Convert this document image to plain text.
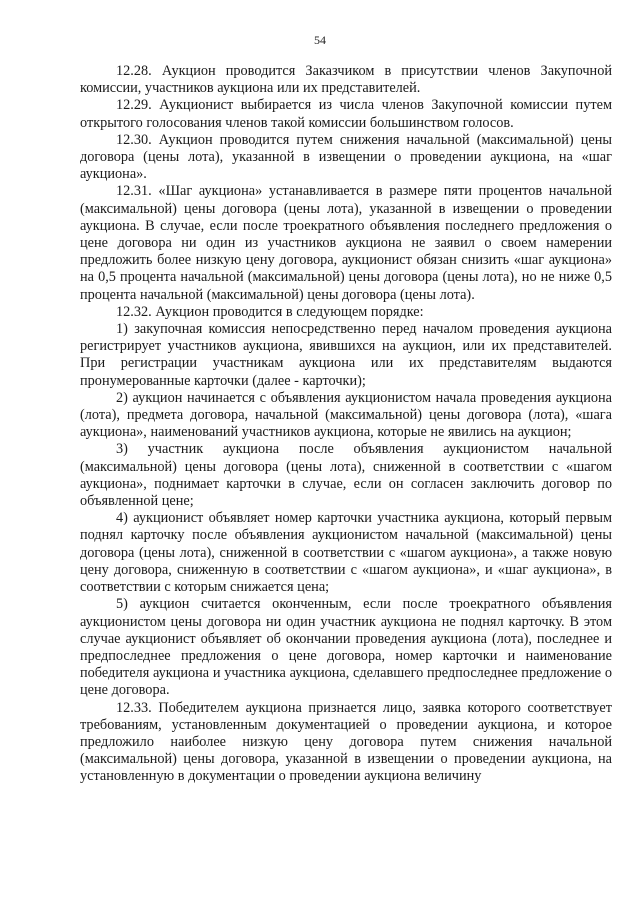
54

12.28. Аукцион проводится Заказчиком в присутствии членов Закупочной комиссии, участников аукциона или их представителей.

12.29. Аукционист выбирается из числа членов Закупочной комиссии путем открытого голосования членов такой комиссии большинством голосов.

12.30. Аукцион проводится путем снижения начальной (максимальной) цены договора (цены лота), указанной в извещении о проведении аукциона, на «шаг аукциона».

12.31. «Шаг аукциона» устанавливается в размере пяти процентов начальной (максимальной) цены договора (цены лота), указанной в извещении о проведении аукциона. В случае, если после троекратного объявления последнего предложения о цене договора ни один из участников аукциона не заявил о своем намерении предложить более низкую цену договора, аукционист обязан снизить «шаг аукциона» на 0,5 процента начальной (максимальной) цены договора (цены лота), но не ниже 0,5 процента начальной (максимальной) цены договора (цены лота).

12.32. Аукцион проводится в следующем порядке:

1) закупочная комиссия непосредственно перед началом проведения аукциона регистрирует участников аукциона, явившихся на аукцион, или их представителей. При регистрации участникам аукциона или их представителям выдаются пронумерованные карточки (далее - карточки);

2) аукцион начинается с объявления аукционистом начала проведения аукциона (лота), предмета договора, начальной (максимальной) цены договора (лота), «шага аукциона», наименований участников аукциона, которые не явились на аукцион;

3) участник аукциона после объявления аукционистом начальной (максимальной) цены договора (цены лота), сниженной в соответствии с «шагом аукциона», поднимает карточки в случае, если он согласен заключить договор по объявленной цене;

4) аукционист объявляет номер карточки участника аукциона, который первым поднял карточку после объявления аукционистом начальной (максимальной) цены договора (цены лота), сниженной в соответствии с «шагом аукциона», а также новую цену договора, сниженную в соответствии с «шагом аукциона», и «шаг аукциона», в соответствии с которым снижается цена;

5) аукцион считается оконченным, если после троекратного объявления аукционистом цены договора ни один участник аукциона не поднял карточку. В этом случае аукционист объявляет об окончании проведения аукциона (лота), последнее и предпоследнее предложения о цене договора, номер карточки и наименование победителя аукциона и участника аукциона, сделавшего предпоследнее предложение о цене договора.

12.33. Победителем аукциона признается лицо, заявка которого соответствует требованиям, установленным документацией о проведении аукциона, и которое предложило наиболее низкую цену договора путем снижения начальной (максимальной) цены договора, указанной в извещении о проведении аукциона, на установленную в документации о проведении аукциона величину
